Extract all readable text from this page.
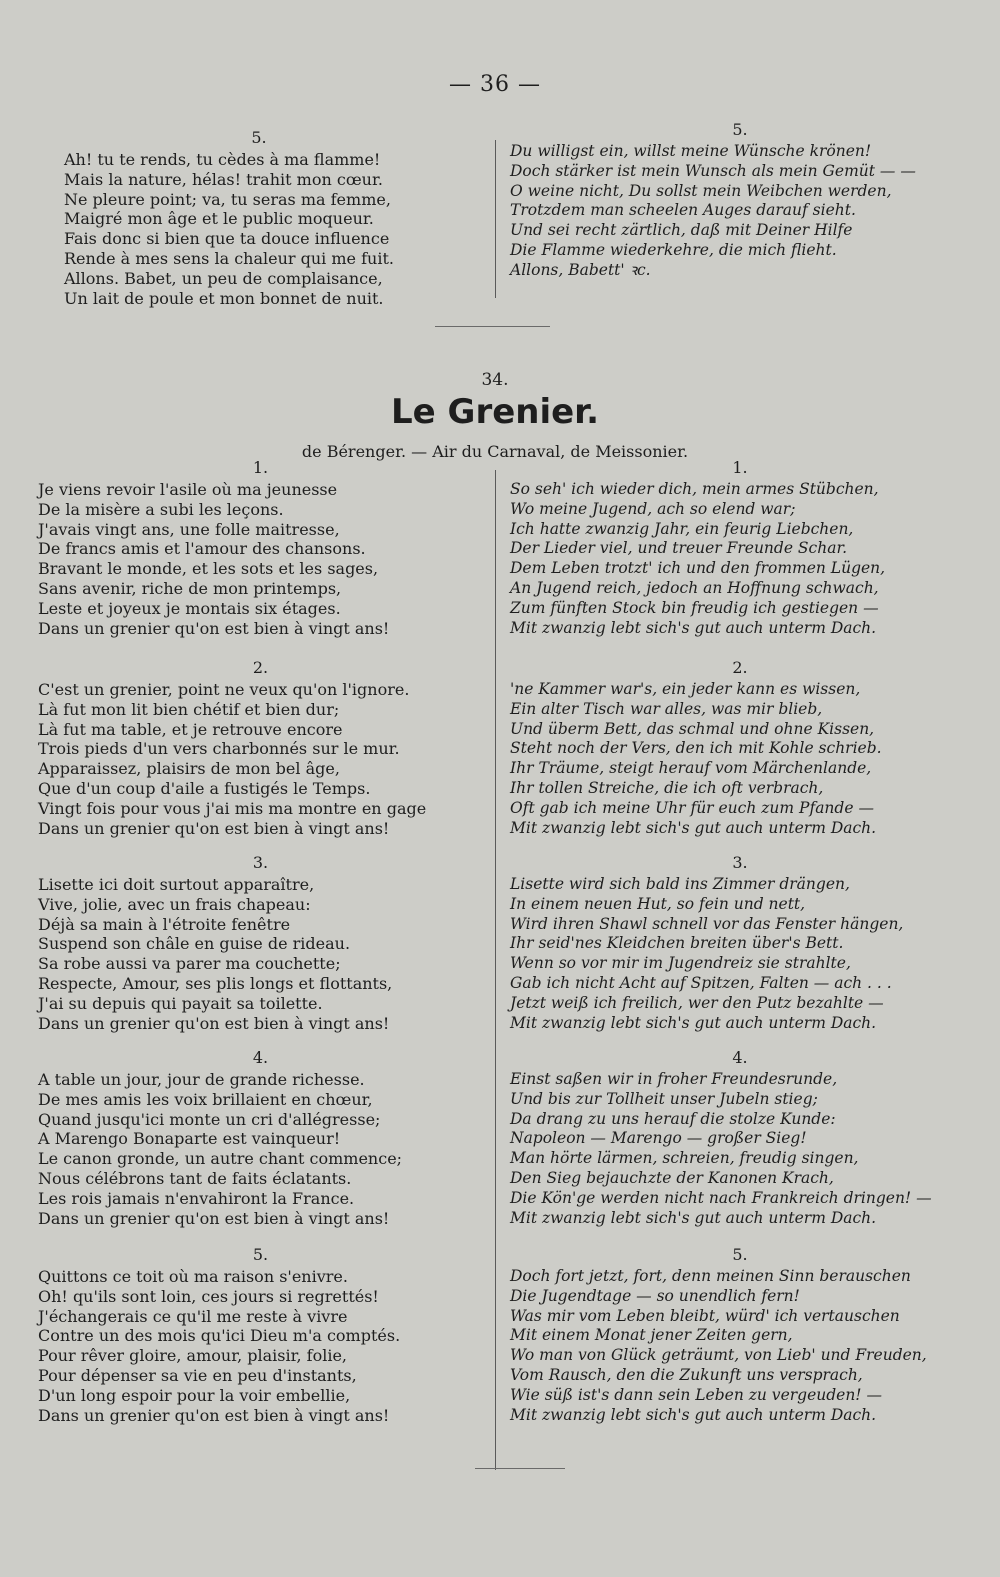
— 36 —
5.
Ah! tu te rends, tu cèdes à ma flamme!
Mais la nature, hélas! trahit mon cœur.
Ne pleure point; va, tu seras ma femme,
Maigré mon âge et le public moqueur.
Fais donc si bien que ta douce influence
Rende à mes sens la chaleur qui me fuit.
Allons. Babet, un peu de complaisance,
Un lait de poule et mon bonnet de nuit.
5.
Du willigst ein, willst meine Wünsche krönen!
Doch stärker ist mein Wunsch als mein Gemüt — —
O weine nicht, Du sollst mein Weibchen werden,
Trotzdem man scheelen Auges darauf sieht.
Und sei recht zärtlich, daß mit Deiner Hilfe
Die Flamme wiederkehre, die mich flieht.
Allons, Babett' ꝛc.
34.
Le Grenier.
de Bérenger. — Air du Carnaval, de Meissonier.
1.
Je viens revoir l'asile où ma jeunesse
De la misère a subi les leçons.
J'avais vingt ans, une folle maitresse,
De francs amis et l'amour des chansons.
Bravant le monde, et les sots et les sages,
Sans avenir, riche de mon printemps,
Leste et joyeux je montais six étages.
Dans un grenier qu'on est bien à vingt ans!
2.
C'est un grenier, point ne veux qu'on l'ignore.
Là fut mon lit bien chétif et bien dur;
Là fut ma table, et je retrouve encore
Trois pieds d'un vers charbonnés sur le mur.
Apparaissez, plaisirs de mon bel âge,
Que d'un coup d'aile a fustigés le Temps.
Vingt fois pour vous j'ai mis ma montre en gage
Dans un grenier qu'on est bien à vingt ans!
3.
Lisette ici doit surtout apparaître,
Vive, jolie, avec un frais chapeau:
Déjà sa main à l'étroite fenêtre
Suspend son châle en guise de rideau.
Sa robe aussi va parer ma couchette;
Respecte, Amour, ses plis longs et flottants,
J'ai su depuis qui payait sa toilette.
Dans un grenier qu'on est bien à vingt ans!
4.
A table un jour, jour de grande richesse.
De mes amis les voix brillaient en chœur,
Quand jusqu'ici monte un cri d'allégresse;
A Marengo Bonaparte est vainqueur!
Le canon gronde, un autre chant commence;
Nous célébrons tant de faits éclatants.
Les rois jamais n'envahiront la France.
Dans un grenier qu'on est bien à vingt ans!
5.
Quittons ce toit où ma raison s'enivre.
Oh! qu'ils sont loin, ces jours si regrettés!
J'échangerais ce qu'il me reste à vivre
Contre un des mois qu'ici Dieu m'a comptés.
Pour rêver gloire, amour, plaisir, folie,
Pour dépenser sa vie en peu d'instants,
D'un long espoir pour la voir embellie,
Dans un grenier qu'on est bien à vingt ans!
1.
So seh' ich wieder dich, mein armes Stübchen,
Wo meine Jugend, ach so elend war;
Ich hatte zwanzig Jahr, ein feurig Liebchen,
Der Lieder viel, und treuer Freunde Schar.
Dem Leben trotzt' ich und den frommen Lügen,
An Jugend reich, jedoch an Hoffnung schwach,
Zum fünften Stock bin freudig ich gestiegen —
Mit zwanzig lebt sich's gut auch unterm Dach.
2.
'ne Kammer war's, ein jeder kann es wissen,
Ein alter Tisch war alles, was mir blieb,
Und überm Bett, das schmal und ohne Kissen,
Steht noch der Vers, den ich mit Kohle schrieb.
Ihr Träume, steigt herauf vom Märchenlande,
Ihr tollen Streiche, die ich oft verbrach,
Oft gab ich meine Uhr für euch zum Pfande —
Mit zwanzig lebt sich's gut auch unterm Dach.
3.
Lisette wird sich bald ins Zimmer drängen,
In einem neuen Hut, so fein und nett,
Wird ihren Shawl schnell vor das Fenster hängen,
Ihr seid'nes Kleidchen breiten über's Bett.
Wenn so vor mir im Jugendreiz sie strahlte,
Gab ich nicht Acht auf Spitzen, Falten — ach . . .
Jetzt weiß ich freilich, wer den Putz bezahlte —
Mit zwanzig lebt sich's gut auch unterm Dach.
4.
Einst saßen wir in froher Freundesrunde,
Und bis zur Tollheit unser Jubeln stieg;
Da drang zu uns herauf die stolze Kunde:
Napoleon — Marengo — großer Sieg!
Man hörte lärmen, schreien, freudig singen,
Den Sieg bejauchzte der Kanonen Krach,
Die Kön'ge werden nicht nach Frankreich dringen! —
Mit zwanzig lebt sich's gut auch unterm Dach.
5.
Doch fort jetzt, fort, denn meinen Sinn berauschen
Die Jugendtage — so unendlich fern!
Was mir vom Leben bleibt, würd' ich vertauschen
Mit einem Monat jener Zeiten gern,
Wo man von Glück geträumt, von Lieb' und Freuden,
Vom Rausch, den die Zukunft uns versprach,
Wie süß ist's dann sein Leben zu vergeuden! —
Mit zwanzig lebt sich's gut auch unterm Dach.
